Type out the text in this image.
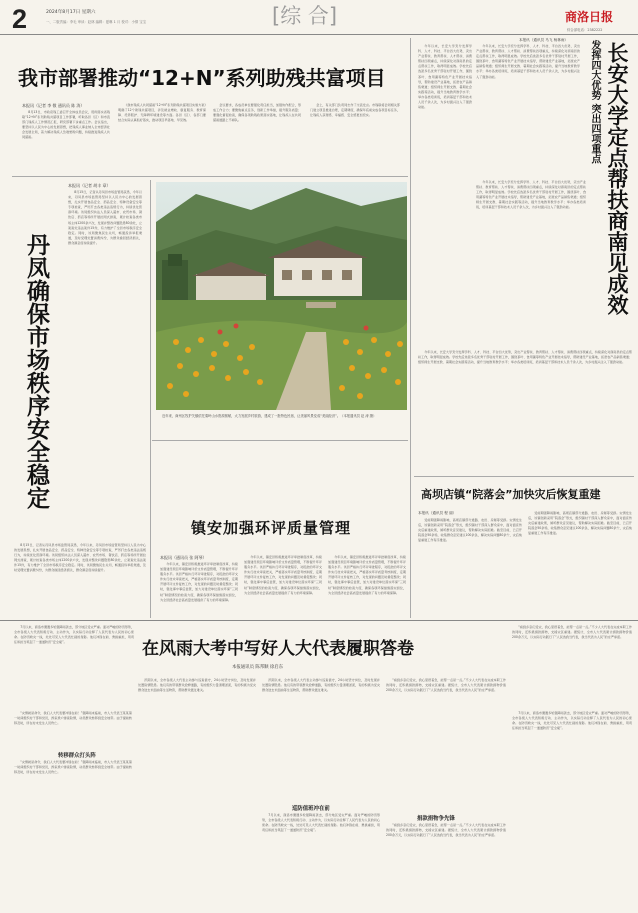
2	2024年8月17日 星期六
一、二版责编：李毛 审读：赵林 编辑：夏琳 1 月 校对：小倩 宝宝	[综 合]	商洛日报
综合部电话：2382222
我市部署推动“12+N”系列助残共富项目
本报讯（记者 李 敬 通讯员 陈 涛）
8月13日，市政府残工委召开全体成员会议，贯彻落实省残联“12+N”系列助残共富项目工作部署，听取各县（区）和市直部门残疾人工作情况汇报，研究部署下步重点工作。会议指出，要坚持以人民为中心的发展思想，把残疾人事业纳入全市经济社会发展全局，着力解决残疾人急难愁盼问题，持续推进残疾人共同富裕。
《我市残疾人共同富裕“12+N”系列助残共富项目实施方案》明确了12个助残共富项目，涉及就业增收、康复服务、教育保障、托养照护、无障碍环境建设等方面。各县（区）、各部门要结合实际认真抓好落实，推动项目早落地、早见效。
会议要求，各成员单位要强化责任担当，加强协作配合，形成工作合力；要聚焦重点任务，创新工作举措，提升服务质量；要强化督促检查，确保各项助残政策落实落地，让残疾人在共同富裕道路上不掉队。
会上，有关部门负责同志作了交流发言。市残联将会同相关部门建立项目推进台账，定期调度，确保年底前完成各项目标任务，让残疾人获得感、幸福感、安全感更加充实。
本报讯（记者 胡丰 章）
丹凤确保市场秩序安全稳定
8月15日，记者从丹凤县市场监管局获悉，今年以来，丹凤县市场监管局坚持以人民为中心的发展思想，扎实开展食品安全、药品安全、特种设备安全等专项检查，严厉打击各类违法违规行为，持续优化营商环境。该局组织执法人员深入超市、农贸市场、餐饮店、药店等场所开展拉网式排查，累计检查各类市场主体1200余户次，发现并整改问题隐患80余处，立案查处违法案件15件，有力维护了全县市场秩序安全稳定。同时，该局聚焦民生关切，畅通投诉举报渠道，及时受理处置消费纠纷，为群众挽回经济损失，群众满意度持续提升。
8月15日，记者从丹凤县市场监管局获悉，今年以来，丹凤县市场监管局坚持以人民为中心的发展思想，扎实开展食品安全、药品安全、特种设备安全等专项检查，严厉打击各类违法违规行为，持续优化营商环境。该局组织执法人员深入超市、农贸市场、餐饮店、药店等场所开展拉网式排查，累计检查各类市场主体1200余户次，发现并整改问题隐患80余处，立案查处违法案件15件，有力维护了全县市场秩序安全稳定。同时，该局聚焦民生关切，畅通投诉举报渠道，及时受理处置消费纠纷，为群众挽回经济损失，群众满意度持续提升。
近年来，商州区牧护关镇依托秦岭山水资源禀赋，大力发展乡村旅游，建成了一批特色民宿，让美丽风景变成“美丽经济”。（本报通讯员 赵 涛 摄）
镇安加强环评质量管理
本报讯（通讯员 张 阿琴）
今年以来，镇安县积极推进环评审批制度改革，持续加强建设项目环境影响评价文件质量管理，不断提升环评服务水平。该县严格执行环评审批程序，对报批的环评文件实行技术审查把关，严格落实环评质量考核制度，定期开展环评文件复核工作，对发现的问题及时督促整改；同时，强化事中事后监管，加大对建设单位落实环保“三同时”制度情况的检查力度，确保各项环保措施落实到位，为全县经济社会高质量发展提供了有力的环境保障。
今年以来，镇安县积极推进环评审批制度改革，持续加强建设项目环境影响评价文件质量管理，不断提升环评服务水平。该县严格执行环评审批程序，对报批的环评文件实行技术审查把关，严格落实环评质量考核制度，定期开展环评文件复核工作，对发现的问题及时督促整改；同时，强化事中事后监管，加大对建设单位落实环保“三同时”制度情况的检查力度，确保各项环保措施落实到位，为全县经济社会高质量发展提供了有力的环境保障。
今年以来，镇安县积极推进环评审批制度改革，持续加强建设项目环境影响评价文件质量管理，不断提升环评服务水平。该县严格执行环评审批程序，对报批的环评文件实行技术审查把关，严格落实环评质量考核制度，定期开展环评文件复核工作，对发现的问题及时督促整改；同时，强化事中事后监管，加大对建设单位落实环保“三同时”制度情况的检查力度，确保各项环保措施落实到位，为全县经济社会高质量发展提供了有力的环境保障。
本报讯（通讯员 马飞 杨林雨） 发挥四大优势 突出四项重点 长安大学定点帮扶商南见成效
今年以来，长安大学充分发挥学科、人才、科技、平台四大优势，突出产业帮扶、教育帮扶、人才帮扶、消费帮扶四项重点，持续深化对商南县的定点帮扶工作，取得明显成效。学校先后选派多名优秀干部驻村开展工作，围绕茶叶、食用菌等特色产业开展技术指导，帮助建设产业基地，拓宽农产品销售渠道；组织师生开展支教、暑期社会实践等活动，提升当地教育教学水平；举办各类培训班，培训基层干部和技术人员千余人次，为乡村振兴注入了强劲动能。
今年以来，长安大学充分发挥学科、人才、科技、平台四大优势，突出产业帮扶、教育帮扶、人才帮扶、消费帮扶四项重点，持续深化对商南县的定点帮扶工作，取得明显成效。学校先后选派多名优秀干部驻村开展工作，围绕茶叶、食用菌等特色产业开展技术指导，帮助建设产业基地，拓宽农产品销售渠道；组织师生开展支教、暑期社会实践等活动，提升当地教育教学水平；举办各类培训班，培训基层干部和技术人员千余人次，为乡村振兴注入了强劲动能。
今年以来，长安大学充分发挥学科、人才、科技、平台四大优势，突出产业帮扶、教育帮扶、人才帮扶、消费帮扶四项重点，持续深化对商南县的定点帮扶工作，取得明显成效。学校先后选派多名优秀干部驻村开展工作，围绕茶叶、食用菌等特色产业开展技术指导，帮助建设产业基地，拓宽农产品销售渠道；组织师生开展支教、暑期社会实践等活动，提升当地教育教学水平；举办各类培训班，培训基层干部和技术人员千余人次，为乡村振兴注入了强劲动能。
今年以来，长安大学充分发挥学科、人才、科技、平台四大优势，突出产业帮扶、教育帮扶、人才帮扶、消费帮扶四项重点，持续深化对商南县的定点帮扶工作，取得明显成效。学校先后选派多名优秀干部驻村开展工作，围绕茶叶、食用菌等特色产业开展技术指导，帮助建设产业基地，拓宽农产品销售渠道；组织师生开展支教、暑期社会实践等活动，提升当地教育教学水平；举办各类培训班，培训基层干部和技术人员千余人次，为乡村振兴注入了强劲动能。
高坝店镇“院落会”加快灾后恢复重建
本报讯（通讯员 程 丽）
受前期强降雨影响，高坝店镇部分道路、农田、房屋等受损。灾情发生后，该镇创新采用“院落会”形式，组织镇村干部深入群众家中，面对面宣传灾后重建政策，倾听群众意见建议，帮助解决实际困难。截至目前，已召开院落会50余场，收集群众意见建议100余条，解决实际问题80余个，灾后恢复重建工作有序推进。
受前期强降雨影响，高坝店镇部分道路、农田、房屋等受损。灾情发生后，该镇创新采用“院落会”形式，组织镇村干部深入群众家中，面对面宣传灾后重建政策，倾听群众意见建议，帮助解决实际困难。截至目前，已召开院落会50余场，收集群众意见建议100余条，解决实际问题80余个，灾后恢复重建工作有序推进。
7月以来，商洛市遭遇多轮强降雨袭击，部分地区受灾严重。面对严峻的防汛形势，全市各级人大代表积极行动、主动作为，以实际行动诠释了人民代表为人民的初心使命。在防汛救灾一线，处处可见人大代表忙碌的身影。他们冲锋在前、勇挑重担，用责任和担当筑起了一道道防汛“安全堤”。
“看到乡亲们受灾，我心里很着急，能帮一点是一点。”不少人大代表在完成本职工作的同时，还积极捐款捐物，支援灾区重建。据统计，全市人大代表累计捐款捐物价值200余万元，以实际行动践行了“人民选我当代表，我当代表为人民”的庄严承诺。
在风雨大考中写好人大代表履职答卷
本报通讯员 陈邦顺 徐启东
转移群众打头阵
“灾情就是命令，我们人大代表要冲锋在前！”强降雨来临前，市人大代表王某某第一时间组织村干部和党员，挨家挨户排查险情，动员群众转移到安全地带。由于提前转移及时，所在村未发生人员伤亡。
“灾情就是命令，我们人大代表要冲锋在前！”强降雨来临前，市人大代表王某某第一时间组织村干部和党员，挨家挨户排查险情，动员群众转移到安全地带。由于提前转移及时，所在村未发生人员伤亡。
汛期以来，全市各级人大代表主动参与巡查值守，24小时坚守岗位，及时发现并处置险情隐患。他们有的带领群众抢修道路，有的组织力量清理淤泥，有的积极为受灾群众送去米面油等生活物资，帮助群众渡过难关。
巡防值班冲在前
汛期以来，全市各级人大代表主动参与巡查值守，24小时坚守岗位，及时发现并处置险情隐患。他们有的带领群众抢修道路，有的组织力量清理淤泥，有的积极为受灾群众送去米面油等生活物资，帮助群众渡过难关。
7月以来，商洛市遭遇多轮强降雨袭击，部分地区受灾严重。面对严峻的防汛形势，全市各级人大代表积极行动、主动作为，以实际行动诠释了人民代表为人民的初心使命。在防汛救灾一线，处处可见人大代表忙碌的身影。他们冲锋在前、勇挑重担，用责任和担当筑起了一道道防汛“安全堤”。
捐款捐物争先锋
“看到乡亲们受灾，我心里很着急，能帮一点是一点。”不少人大代表在完成本职工作的同时，还积极捐款捐物，支援灾区重建。据统计，全市人大代表累计捐款捐物价值200余万元，以实际行动践行了“人民选我当代表，我当代表为人民”的庄严承诺。
“看到乡亲们受灾，我心里很着急，能帮一点是一点。”不少人大代表在完成本职工作的同时，还积极捐款捐物，支援灾区重建。据统计，全市人大代表累计捐款捐物价值200余万元，以实际行动践行了“人民选我当代表，我当代表为人民”的庄严承诺。
7月以来，商洛市遭遇多轮强降雨袭击，部分地区受灾严重。面对严峻的防汛形势，全市各级人大代表积极行动、主动作为，以实际行动诠释了人民代表为人民的初心使命。在防汛救灾一线，处处可见人大代表忙碌的身影。他们冲锋在前、勇挑重担，用责任和担当筑起了一道道防汛“安全堤”。
